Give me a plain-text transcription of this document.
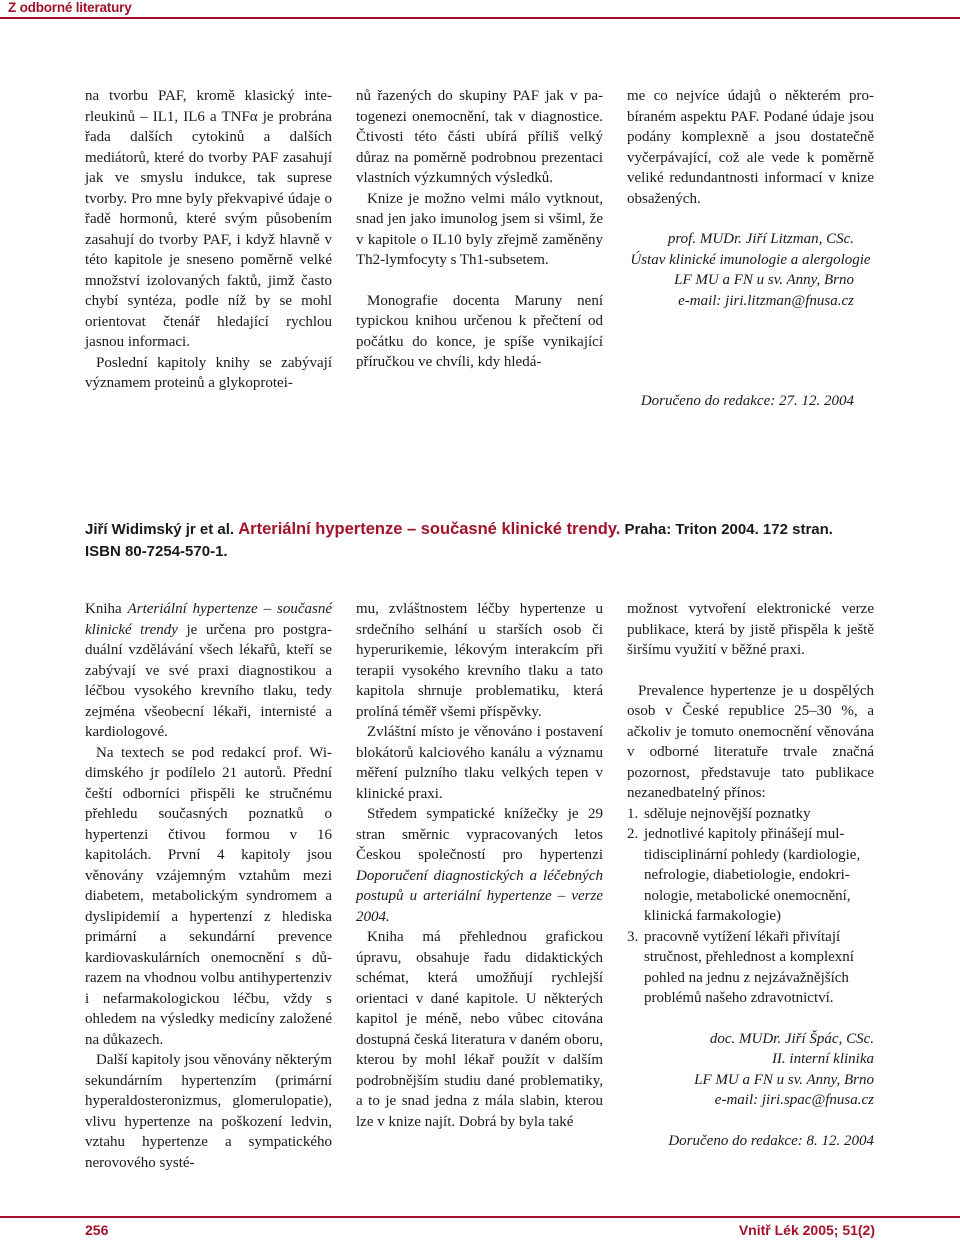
Z odborné literatury

na tvorbu PAF, kromě klasický interleukinů – IL1, IL6 a TNFα je probrána řada dalších cytokinů a dalších mediátorů, které do tvorby PAF zasahují jak ve smyslu indukce, tak suprese tvorby. Pro mne byly překvapivé údaje o řadě hormonů, které svým působením zasahují do tvorby PAF, i když hlavně v této kapitole je sneseno poměrně velké množství izolovaných faktů, jimž často chybí syntéza, podle níž by se mohl orientovat čtenář hledající rychlou jasnou informaci.

Poslední kapitoly knihy se zabývají významem proteinů a glykoprotei-

nů řazených do skupiny PAF jak v patogenezi onemocnění, tak v diagnostice. Čtivosti této části ubírá příliš velký důraz na poměrně podrobnou prezentaci vlastních výzkumných výsledků.

Knize je možno velmi málo vytknout, snad jen jako imunolog jsem si všiml, že v kapitole o IL10 byly zřejmě zaměněny Th2-lymfocyty s Th1-subsetem.

Monografie docenta Maruny není typickou knihou určenou k přečtení od počátku do konce, je spíše vynikající příručkou ve chvíli, kdy hledá-

me co nejvíce údajů o některém probíraném aspektu PAF. Podané údaje jsou podány komplexně a jsou dostatečně vyčerpávající, což ale vede k poměrně veliké redundantnosti informací v knize obsažených.

prof. MUDr. Jiří Litzman, CSc.
Ústav klinické imunologie a alergologie
LF MU a FN u sv. Anny, Brno
e-mail: jiri.litzman@fnusa.cz
Doručeno do redakce: 27. 12. 2004
Jiří Widimský jr et al. Arteriální hypertenze – současné klinické trendy. Praha: Triton 2004. 172 stran.
ISBN 80-7254-570-1.

Kniha Arteriální hypertenze – současné klinické trendy je určena pro postgraduální vzdělávání všech lékařů, kteří se zabývají ve své praxi diagnostikou a léčbou vysokého krevního tlaku, tedy zejména všeobecní lékaři, internisté a kardiologové.

Na textech se pod redakcí prof. Widimského jr podílelo 21 autorů. Přední čeští odborníci přispěli ke stručnému přehledu současných poznatků o hypertenzi čtivou formou v 16 kapitolách. První 4 kapitoly jsou věnovány vzájemným vztahům mezi diabetem, metabolickým syndromem a dyslipidemií a hypertenzí z hlediska primární a sekundární prevence kardiovaskulárních onemocnění s důrazem na vhodnou volbu antihypertenziv i nefarmakologickou léčbu, vždy s ohledem na výsledky medicíny založené na důkazech.

Další kapitoly jsou věnovány některým sekundárním hypertenzím (primární hyperaldosteronizmus, glomerulopatie), vlivu hypertenze na poškození ledvin, vztahu hypertenze a sympatického nerovového systé-

mu, zvláštnostem léčby hypertenze u srdečního selhání u starších osob či hyperurikemie, lékovým interakcím při terapii vysokého krevního tlaku a tato kapitola shrnuje problematiku, která prolíná téměř všemi příspěvky.

Zvláštní místo je věnováno i postavení blokátorů kalciového kanálu a významu měření pulzního tlaku velkých tepen v klinické praxi.

Středem sympatické knížečky je 29 stran směrnic vypracovaných letos Českou společností pro hypertenzi Doporučení diagnostických a léčebných postupů u arteriální hypertenze – verze 2004.

Kniha má přehlednou grafickou úpravu, obsahuje řadu didaktických schémat, která umožňují rychlejší orientaci v dané kapitole. U některých kapitol je méně, nebo vůbec citována dostupná česká literatura v daném oboru, kterou by mohl lékař použít v dalším podrobnějším studiu dané problematiky, a to je snad jedna z mála slabin, kterou lze v knize najít. Dobrá by byla také

možnost vytvoření elektronické verze publikace, která by jistě přispěla k ještě širšímu využití v běžné praxi.

Prevalence hypertenze je u dospělých osob v České republice 25–30 %, a ačkoliv je tomuto onemocnění věnována v odborné literatuře trvale značná pozornost, představuje tato publikace nezanedbatelný přínos:

1. sděluje nejnovější poznatky
2. jednotlivé kapitoly přinášejí multidisciplinární pohledy (kardiologie, nefrologie, diabetiologie, endokrinologie, metabolické onemocnění, klinická farmakologie)
3. pracovně vytížení lékaři přivítají stručnost, přehlednost a komplexní pohled na jednu z nejzávažnějších problémů našeho zdravotnictví.
doc. MUDr. Jiří Špác, CSc.
II. interní klinika
LF MU a FN u sv. Anny, Brno
e-mail: jiri.spac@fnusa.cz
Doručeno do redakce: 8. 12. 2004
256	Vnitř Lék 2005; 51(2)
